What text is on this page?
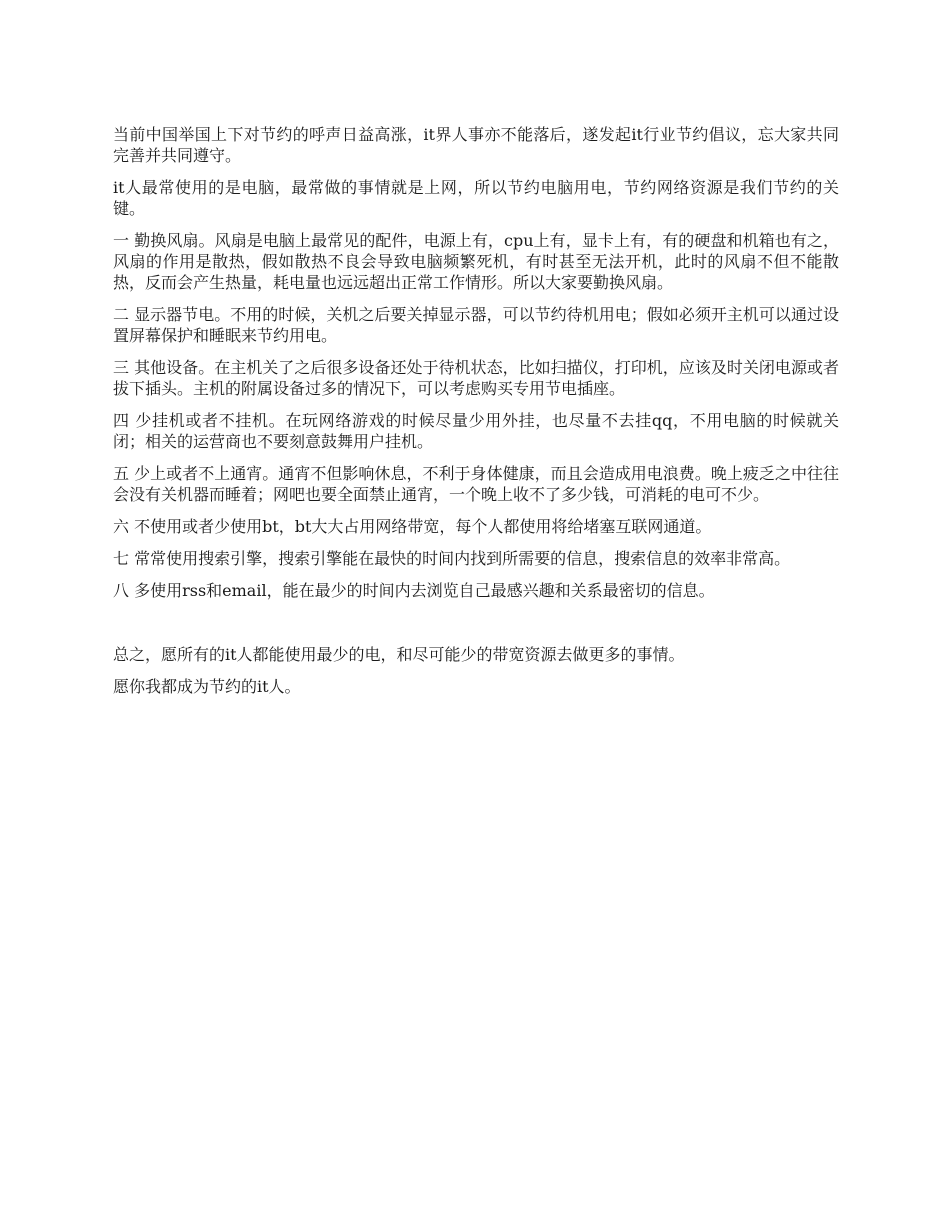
当前中国举国上下对节约的呼声日益高涨，it界人事亦不能落后，遂发起it行业节约倡议，忘大家共同完善并共同遵守。

it人最常使用的是电脑，最常做的事情就是上网，所以节约电脑用电，节约网络资源是我们节约的关键。

一 勤换风扇。风扇是电脑上最常见的配件，电源上有，cpu上有，显卡上有，有的硬盘和机箱也有之，风扇的作用是散热，假如散热不良会导致电脑频繁死机，有时甚至无法开机，此时的风扇不但不能散热，反而会产生热量，耗电量也远远超出正常工作情形。所以大家要勤换风扇。

二 显示器节电。不用的时候，关机之后要关掉显示器，可以节约待机用电；假如必须开主机可以通过设置屏幕保护和睡眠来节约用电。

三 其他设备。在主机关了之后很多设备还处于待机状态，比如扫描仪，打印机，应该及时关闭电源或者拔下插头。主机的附属设备过多的情况下，可以考虑购买专用节电插座。

四 少挂机或者不挂机。在玩网络游戏的时候尽量少用外挂，也尽量不去挂qq，不用电脑的时候就关闭；相关的运营商也不要刻意鼓舞用户挂机。

五 少上或者不上通宵。通宵不但影响休息，不利于身体健康，而且会造成用电浪费。晚上疲乏之中往往会没有关机器而睡着；网吧也要全面禁止通宵，一个晚上收不了多少钱，可消耗的电可不少。

六 不使用或者少使用bt，bt大大占用网络带宽，每个人都使用将给堵塞互联网通道。

七 常常使用搜索引擎，搜索引擎能在最快的时间内找到所需要的信息，搜索信息的效率非常高。

八 多使用rss和email，能在最少的时间内去浏览自己最感兴趣和关系最密切的信息。

总之，愿所有的it人都能使用最少的电，和尽可能少的带宽资源去做更多的事情。

愿你我都成为节约的it人。
